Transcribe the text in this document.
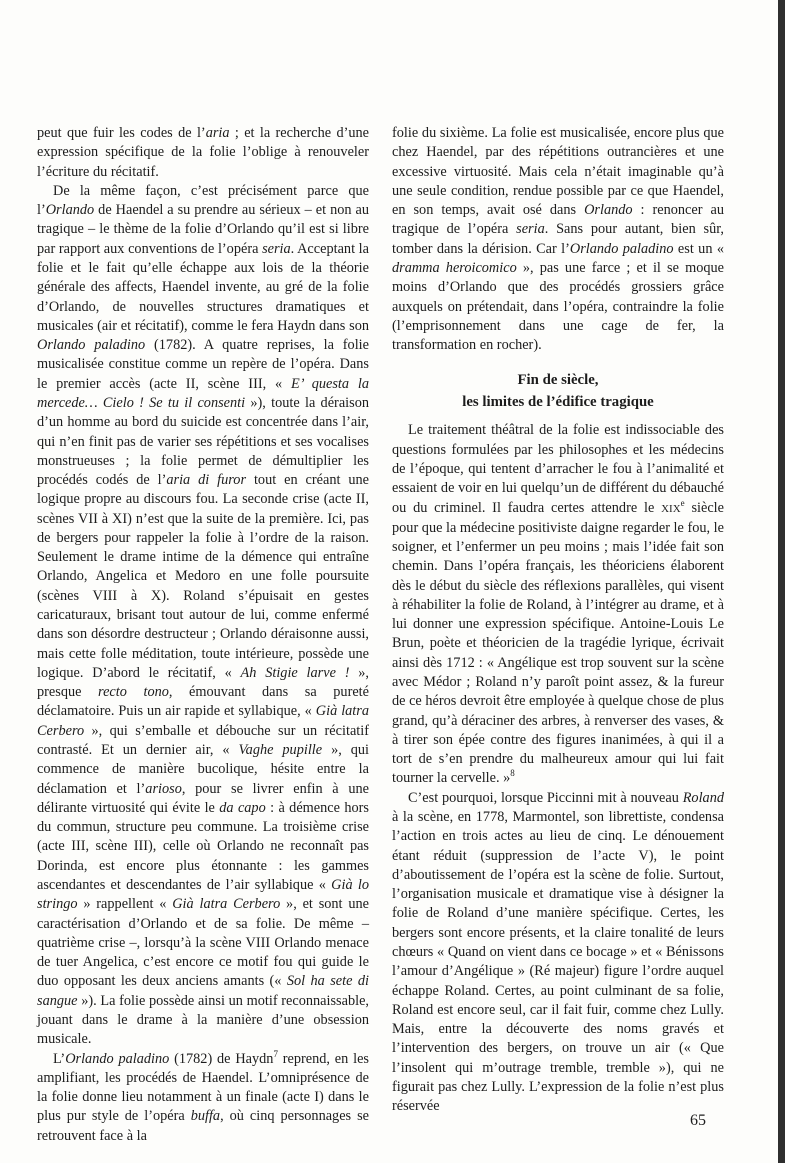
peut que fuir les codes de l’aria ; et la recherche d’une expression spécifique de la folie l’oblige à renouveler l’écriture du récitatif.

De la même façon, c’est précisément parce que l’Orlando de Haendel a su prendre au sérieux – et non au tragique – le thème de la folie d’Orlando qu’il est si libre par rapport aux conventions de l’opéra seria. Acceptant la folie et le fait qu’elle échappe aux lois de la théorie générale des affects, Haendel invente, au gré de la folie d’Orlando, de nouvelles structures dramatiques et musicales (air et récitatif), comme le fera Haydn dans son Orlando paladino (1782). A quatre reprises, la folie musicalisée constitue comme un repère de l’opéra. Dans le premier accès (acte II, scène III, « E’ questa la mercede… Cielo ! Se tu il consenti »), toute la déraison d’un homme au bord du suicide est concentrée dans l’air, qui n’en finit pas de varier ses répétitions et ses vocalises monstrueuses ; la folie permet de démultiplier les procédés codés de l’aria di furor tout en créant une logique propre au discours fou. La seconde crise (acte II, scènes VII à XI) n’est que la suite de la première. Ici, pas de bergers pour rappeler la folie à l’ordre de la raison. Seulement le drame intime de la démence qui entraîne Orlando, Angelica et Medoro en une folle poursuite (scènes VIII à X). Roland s’épuisait en gestes caricaturaux, brisant tout autour de lui, comme enfermé dans son désordre destructeur ; Orlando déraisonne aussi, mais cette folle méditation, toute intérieure, possède une logique. D’abord le récitatif, « Ah Stigie larve ! », presque recto tono, émouvant dans sa pureté déclamatoire. Puis un air rapide et syllabique, « Già latra Cerbero », qui s’emballe et débouche sur un récitatif contrasté. Et un dernier air, « Vaghe pupille », qui commence de manière bucolique, hésite entre la déclamation et l’arioso, pour se livrer enfin à une délirante virtuosité qui évite le da capo : à démence hors du commun, structure peu commune. La troisième crise (acte III, scène III), celle où Orlando ne reconnaît pas Dorinda, est encore plus étonnante : les gammes ascendantes et descendantes de l’air syllabique « Già lo stringo » rappellent « Già latra Cerbero », et sont une caractérisation d’Orlando et de sa folie. De même – quatrième crise –, lorsqu’à la scène VIII Orlando menace de tuer Angelica, c’est encore ce motif fou qui guide le duo opposant les deux anciens amants (« Sol ha sete di sangue »). La folie possède ainsi un motif reconnaissable, jouant dans le drame à la manière d’une obsession musicale.

L’Orlando paladino (1782) de Haydn$^7$ reprend, en les amplifiant, les procédés de Haendel. L’omniprésence de la folie donne lieu notamment à un finale (acte I) dans le plus pur style de l’opéra buffa, où cinq personnages se retrouvent face à la

folie du sixième. La folie est musicalisée, encore plus que chez Haendel, par des répétitions outrancières et une excessive virtuosité. Mais cela n’était imaginable qu’à une seule condition, rendue possible par ce que Haendel, en son temps, avait osé dans Orlando : renoncer au tragique de l’opéra seria. Sans pour autant, bien sûr, tomber dans la dérision. Car l’Orlando paladino est un « dramma heroicomico », pas une farce ; et il se moque moins d’Orlando que des procédés grossiers grâce auxquels on prétendait, dans l’opéra, contraindre la folie (l’emprisonnement dans une cage de fer, la transformation en rocher).

Fin de siècle,
les limites de l’édifice tragique

Le traitement théâtral de la folie est indissociable des questions formulées par les philosophes et les médecins de l’époque, qui tentent d’arracher le fou à l’animalité et essaient de voir en lui quelqu’un de différent du débauché ou du criminel. Il faudra certes attendre le XIXe siècle pour que la médecine positiviste daigne regarder le fou, le soigner, et l’enfermer un peu moins ; mais l’idée fait son chemin. Dans l’opéra français, les théoriciens élaborent dès le début du siècle des réflexions parallèles, qui visent à réhabiliter la folie de Roland, à l’intégrer au drame, et à lui donner une expression spécifique. Antoine-Louis Le Brun, poète et théoricien de la tragédie lyrique, écrivait ainsi dès 1712 : « Angélique est trop souvent sur la scène avec Médor ; Roland n’y paroît point assez, & la fureur de ce héros devroit être employée à quelque chose de plus grand, qu’à déraciner des arbres, à renverser des vases, & à tirer son épée contre des figures inanimées, à qui il a tort de s’en prendre du malheureux amour qui lui fait tourner la cervelle. »$^8$

C’est pourquoi, lorsque Piccinni mit à nouveau Roland à la scène, en 1778, Marmontel, son librettiste, condensa l’action en trois actes au lieu de cinq. Le dénouement étant réduit (suppression de l’acte V), le point d’aboutissement de l’opéra est la scène de folie. Surtout, l’organisation musicale et dramatique vise à désigner la folie de Roland d’une manière spécifique. Certes, les bergers sont encore présents, et la claire tonalité de leurs chœurs « Quand on vient dans ce bocage » et « Bénissons l’amour d’Angélique » (Ré majeur) figure l’ordre auquel échappe Roland. Certes, au point culminant de sa folie, Roland est encore seul, car il fait fuir, comme chez Lully. Mais, entre la découverte des noms gravés et l’intervention des bergers, on trouve un air (« Que l’insolent qui m’outrage tremble, tremble »), qui ne figurait pas chez Lully. L’expression de la folie n’est plus réservée

65
